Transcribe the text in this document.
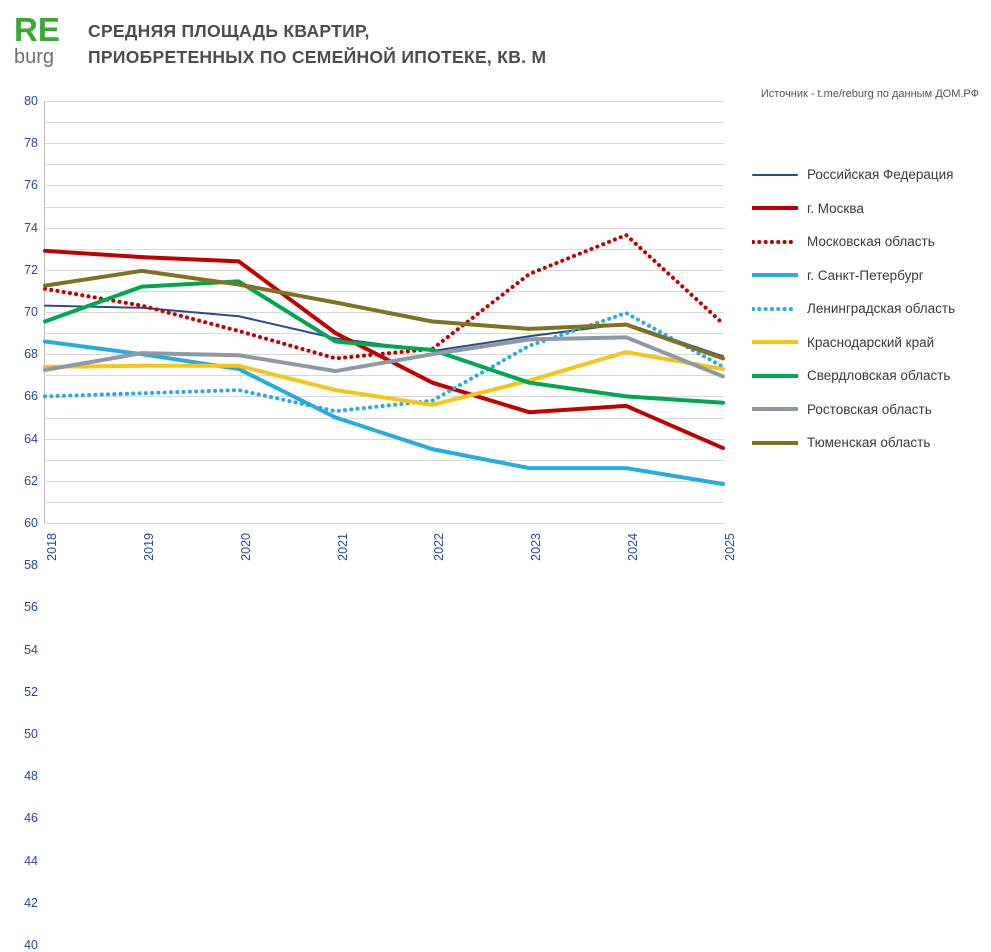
RE
burg
СРЕДНЯЯ ПЛОЩАДЬ КВАРТИР,
ПРИОБРЕТЕННЫХ ПО СЕМЕЙНОЙ ИПОТЕКЕ, КВ. М
Источник - t.me/reburg по данным ДОМ.РФ
80
78
76
74
72
70
68
66
64
62
60
58
56
54
52
50
48
46
44
42
40
2018	2019	2020	2021	2022	2023	2024	2025
Российская Федерация
г. Москва
Московская область
г. Санкт-Петербург
Ленинградская область
Краснодарский край
Свердловская область
Ростовская область
Тюменская область
